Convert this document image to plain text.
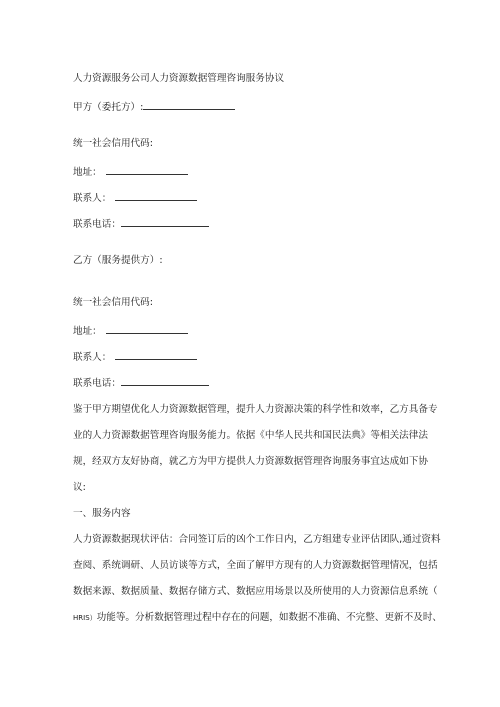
人力资源服务公司人力资源数据管理咨询服务协议
甲方（委托方）:
统一社会信用代码:
地址：
联系人：
联系电话：
乙方（服务提供方）:
统一社会信用代码:
地址：
联系人：
联系电话：
鉴于甲方期望优化人力资源数据管理，提升人力资源决策的科学性和效率，乙方具备专
业的人力资源数据管理咨询服务能力。依据《中华人民共和国民法典》等相关法律法
规，经双方友好协商，就乙方为甲方提供人力资源数据管理咨询服务事宜达成如下协
议:
一、服务内容
人力资源数据现状评估：合同签订后的凶个工作日内，乙方组建专业评估团队,通过资料
查阅、系统调研、人员访谈等方式，全面了解甲方现有的人力资源数据管理情况，包括
数据来源、数据质量、数据存储方式、数据应用场景以及所使用的人力资源信息系统（
HRIS）功能等。分析数据管理过程中存在的问题，如数据不准确、不完整、更新不及时、
